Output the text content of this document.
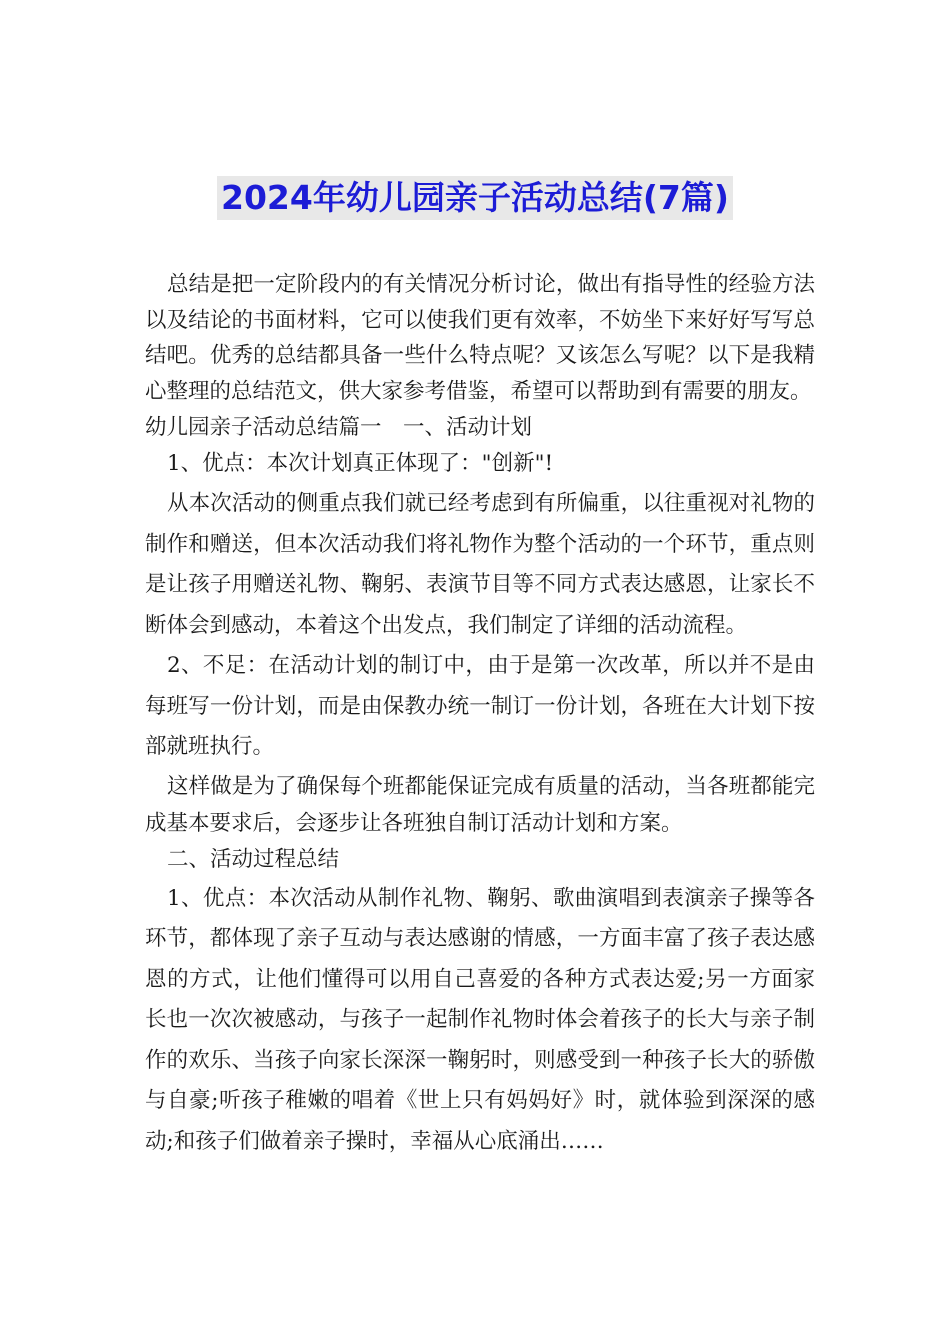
2024年幼儿园亲子活动总结(7篇)

总结是把一定阶段内的有关情况分析讨论，做出有指导性的经验方法以及结论的书面材料，它可以使我们更有效率，不妨坐下来好好写写总结吧。优秀的总结都具备一些什么特点呢？又该怎么写呢？以下是我精心整理的总结范文，供大家参考借鉴，希望可以帮助到有需要的朋友。

幼儿园亲子活动总结篇一　一、活动计划

1、优点：本次计划真正体现了："创新"!

从本次活动的侧重点我们就已经考虑到有所偏重，以往重视对礼物的制作和赠送，但本次活动我们将礼物作为整个活动的一个环节，重点则是让孩子用赠送礼物、鞠躬、表演节目等不同方式表达感恩，让家长不断体会到感动，本着这个出发点，我们制定了详细的活动流程。

2、不足：在活动计划的制订中，由于是第一次改革，所以并不是由每班写一份计划，而是由保教办统一制订一份计划，各班在大计划下按部就班执行。

这样做是为了确保每个班都能保证完成有质量的活动，当各班都能完成基本要求后，会逐步让各班独自制订活动计划和方案。

二、活动过程总结

1、优点：本次活动从制作礼物、鞠躬、歌曲演唱到表演亲子操等各环节，都体现了亲子互动与表达感谢的情感，一方面丰富了孩子表达感恩的方式，让他们懂得可以用自己喜爱的各种方式表达爱;另一方面家长也一次次被感动，与孩子一起制作礼物时体会着孩子的长大与亲子制作的欢乐、当孩子向家长深深一鞠躬时，则感受到一种孩子长大的骄傲与自豪;听孩子稚嫩的唱着《世上只有妈妈好》时，就体验到深深的感动;和孩子们做着亲子操时，幸福从心底涌出……
